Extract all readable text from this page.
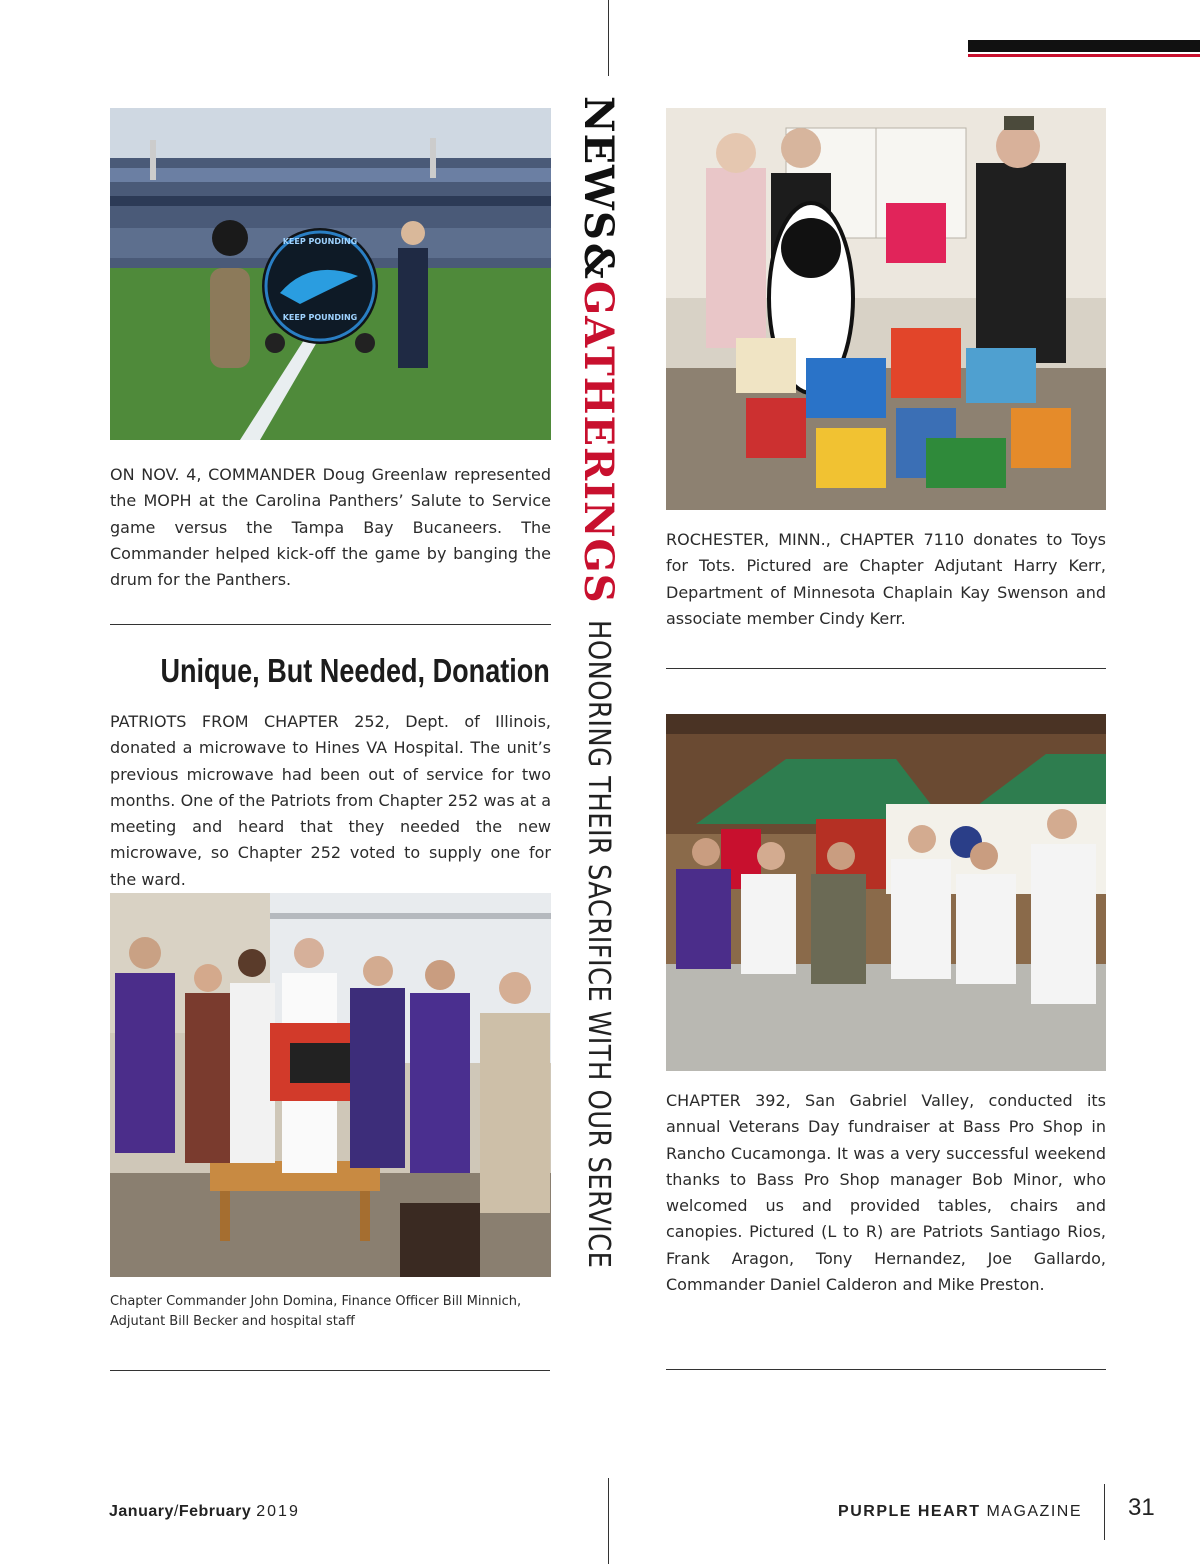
NEWS
&
GATHERINGS
HONORING THEIR SACRIFICE WITH OUR SERVICE
KEEP POUNDING
KEEP POUNDING

ON NOV. 4, COMMANDER Doug Greenlaw represented the MOPH at the Carolina Panthers’ Salute to Service game versus the Tampa Bay Bucaneers. The Commander helped kick-off the game by banging the drum for the Panthers.

Unique, But Needed, Donation

PATRIOTS FROM CHAPTER 252, Dept. of Illinois, donated a microwave to Hines VA Hospital. The unit’s previous microwave had been out of service for two months. One of the Patriots from Chapter 252 was at a meeting and heard that they needed the new microwave, so Chapter 252 voted to supply one for the ward.

Chapter Commander John Domina, Finance Officer Bill Minnich, Adjutant Bill Becker and hospital staff

ROCHESTER, MINN., CHAPTER 7110 donates to Toys for Tots. Pictured are Chapter Adjutant Harry Kerr, Department of Minnesota Chaplain Kay Swenson and associate member Cindy Kerr.

CHAPTER 392, San Gabriel Valley, conducted its annual Veterans Day fundraiser at Bass Pro Shop in Rancho Cucamonga. It was a very successful weekend thanks to Bass Pro Shop manager Bob Minor, who welcomed us and provided tables, chairs and canopies. Pictured (L to R) are Patriots Santiago Rios, Frank Aragon, Tony Hernandez, Joe Gallardo, Commander Daniel Calderon and Mike Preston.

January/February 2019	PURPLE HEART MAGAZINE 31
